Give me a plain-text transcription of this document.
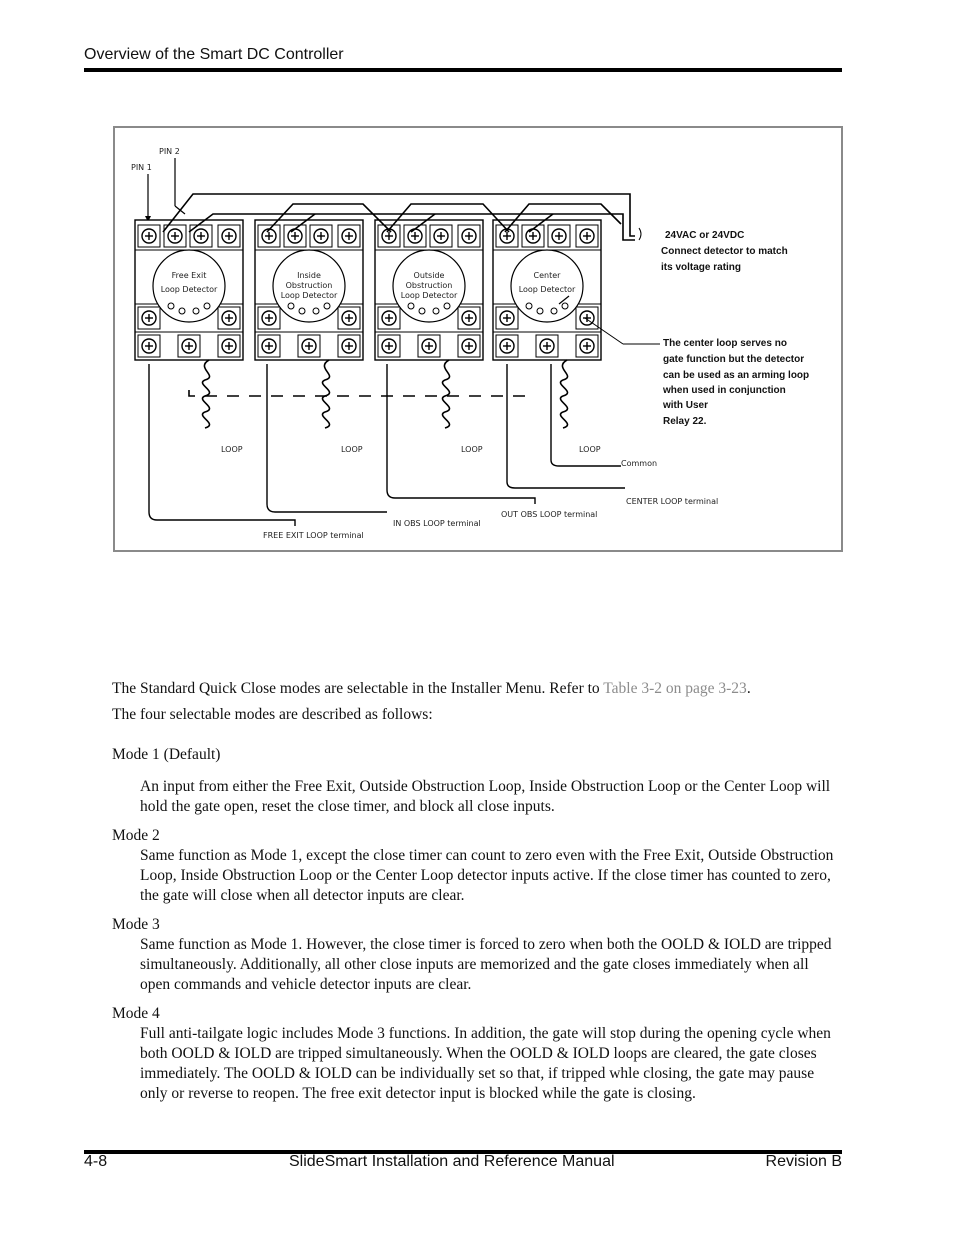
Overview of the Smart DC Controller
PIN 2
PIN 1
Free Exit
Loop Detector
LOOP
Inside
Obstruction
Loop Detector
LOOP
Outside
Obstruction
Loop Detector
LOOP
Center
Loop Detector
LOOP
24VAC or 24VDC
Connect detector to match
its voltage rating
The center loop serves no
gate function but the detector
can be used as an arming loop
when used in conjunction
with User
Relay 22.
Common
CENTER LOOP terminal
OUT OBS LOOP terminal
IN OBS LOOP terminal
FREE EXIT LOOP terminal
The Standard Quick Close modes are selectable in the Installer Menu. Refer to Table 3-2 on page 3-23.
The four selectable modes are described as follows:
Mode 1 (Default)
An input from either the Free Exit, Outside Obstruction Loop, Inside Obstruction Loop or the Center Loop will hold the gate open, reset the close timer, and block all close inputs.
Mode 2
Same function as Mode 1, except the close timer can count to zero even with the Free Exit, Outside Obstruction Loop, Inside Obstruction Loop or the Center Loop detector inputs active. If the close timer has counted to zero, the gate will close when all detector inputs are clear.
Mode 3
Same function as Mode 1. However, the close timer is forced to zero when both the OOLD & IOLD are tripped simultaneously. Additionally, all other close inputs are memorized and the gate closes immediately when all open commands and vehicle detector inputs are clear.
Mode 4
Full anti-tailgate logic includes Mode 3 functions. In addition, the gate will stop during the opening cycle when both OOLD & IOLD are tripped simultaneously. When the OOLD & IOLD loops are cleared, the gate closes immediately. The OOLD & IOLD can be individually set so that, if tripped whle closing, the gate may pause only or reverse to reopen. The free exit detector input is blocked while the gate is closing.
4-8	SlideSmart Installation and Reference Manual	Revision B
